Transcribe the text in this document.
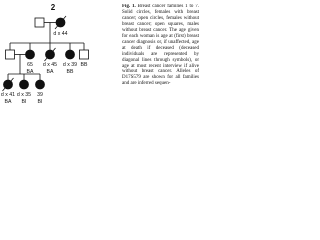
2
d x 44
65 d x 45 d x 39
d x 41 d x 35 39
BA	BA	BB
BB
BA BI BI
Fig. 1. Breast cancer families 1 to 7. Solid circles, females with breast cancer; open circles, females without breast cancer; open squares, males without breast cancer. The age given for each woman is age at (first) breast cancer diagnosis or, if unaffected, age at death if deceased (deceased individuals are represented by diagonal lines through symbols), or age at most recent interview if alive without breast cancer. Alleles of D17S579 are shown for all families and are inferred sequen-
